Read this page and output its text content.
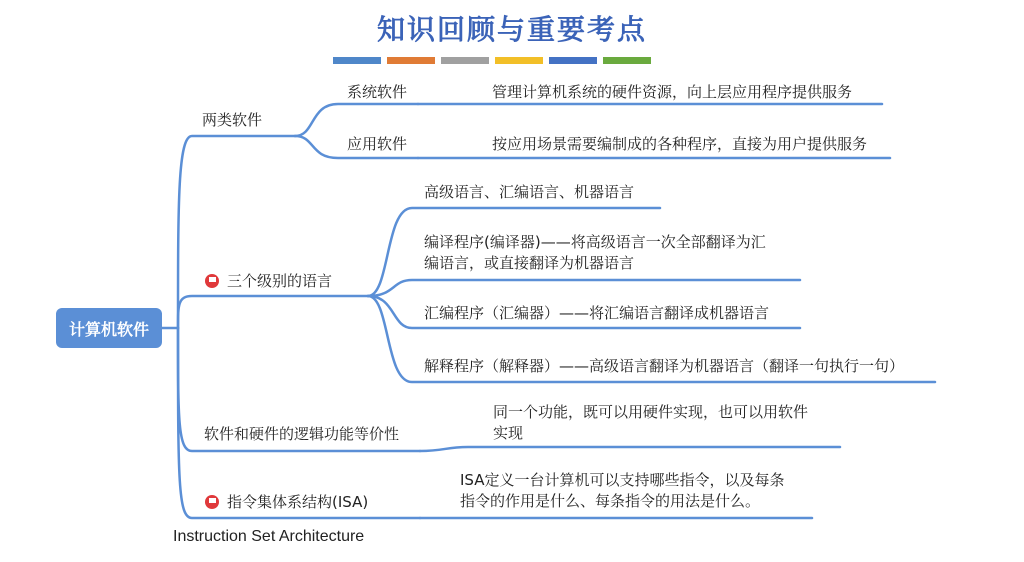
知识回顾与重要考点
计算机软件
两类软件
系统软件	管理计算机系统的硬件资源，向上层应用程序提供服务
应用软件	按应用场景需要编制成的各种程序，直接为用户提供服务
三个级别的语言
高级语言、汇编语言、机器语言
编译程序(编译器)——将高级语言一次全部翻译为汇
编语言，或直接翻译为机器语言
汇编程序（汇编器）——将汇编语言翻译成机器语言
解释程序（解释器）——高级语言翻译为机器语言（翻译一句执行一句）
软件和硬件的逻辑功能等价性
同一个功能，既可以用硬件实现，也可以用软件
实现
指令集体系结构(ISA)
ISA定义一台计算机可以支持哪些指令，以及每条
指令的作用是什么、每条指令的用法是什么。
Instruction Set Architecture
